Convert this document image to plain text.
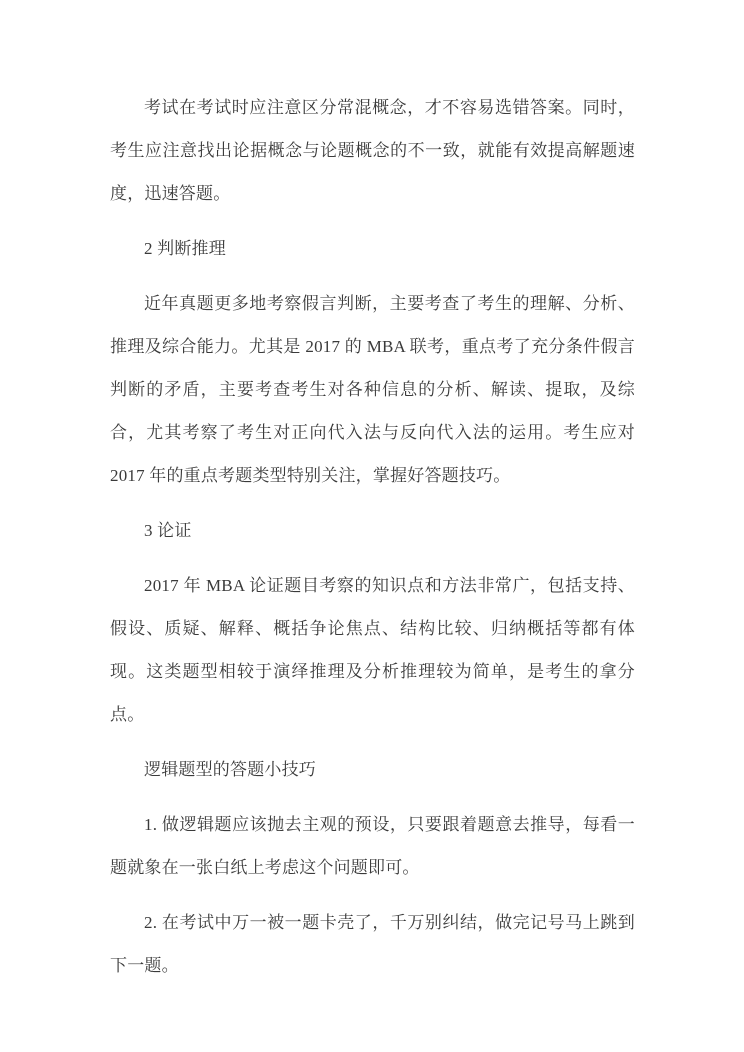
考试在考试时应注意区分常混概念，才不容易选错答案。同时，考生应注意找出论据概念与论题概念的不一致，就能有效提高解题速度，迅速答题。

2 判断推理

近年真题更多地考察假言判断，主要考查了考生的理解、分析、推理及综合能力。尤其是 2017 的 MBA 联考，重点考了充分条件假言判断的矛盾，主要考查考生对各种信息的分析、解读、提取，及综合，尤其考察了考生对正向代入法与反向代入法的运用。考生应对 2017 年的重点考题类型特别关注，掌握好答题技巧。

3 论证

2017 年 MBA 论证题目考察的知识点和方法非常广，包括支持、假设、质疑、解释、概括争论焦点、结构比较、归纳概括等都有体现。这类题型相较于演绎推理及分析推理较为简单，是考生的拿分点。

逻辑题型的答题小技巧

1. 做逻辑题应该抛去主观的预设，只要跟着题意去推导，每看一题就象在一张白纸上考虑这个问题即可。

2. 在考试中万一被一题卡壳了，千万别纠结，做完记号马上跳到下一题。
